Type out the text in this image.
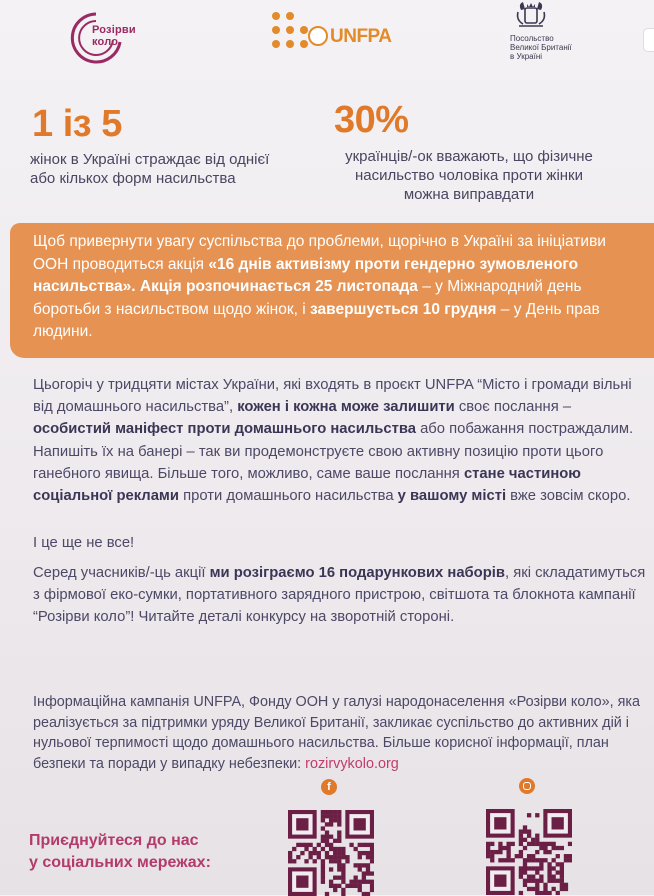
Розірви
коло	UNFPA	Посольство
Великої Британії
в Україні
1 із 5
жінок в Україні страждає від однієї
або кількох форм насильства
30%
українців/-ок вважають, що фізичне
насильство чоловіка проти жінки
можна виправдати
Щоб привернути увагу суспільства до проблеми, щорічно в Україні за ініціативи ООН проводиться акція «16 днів активізму проти гендерно зумовленого насильства». Акція розпочинається 25 листопада – у Міжнародний день боротьби з насильством щодо жінок, і завершується 10 грудня – у День прав людини.
Цьогоріч у тридцяти містах України, які входять в проєкт UNFPA “Місто і громади вільні від домашнього насильства”, кожен і кожна може залишити своє послання – особистий маніфест проти домашнього насильства або побажання постраждалим. Напишіть їх на банері – так ви продемонструєте свою активну позицію проти цього ганебного явища. Більше того, можливо, саме ваше послання стане частиною соціальної реклами проти домашнього насильства у вашому місті вже зовсім скоро.
І це ще не все!
Серед учасників/-ць акції ми розіграємо 16 подарункових наборів, які складатимуться з фірмової еко-сумки, портативного зарядного пристрою, світшота та блокнота кампанії “Розірви коло”! Читайте деталі конкурсу на зворотній стороні.
Інформаційна кампанія UNFPA, Фонду ООН у галузі народонаселення «Розірви коло», яка реалізується за підтримки уряду Великої Британії, закликає суспільство до активних дій і нульової терпимості щодо домашнього насильства. Більше корисної інформації, план безпеки та поради у випадку небезпеки: rozirvykolo.org
Приєднуйтеся до нас
у соціальних мережах:
f
